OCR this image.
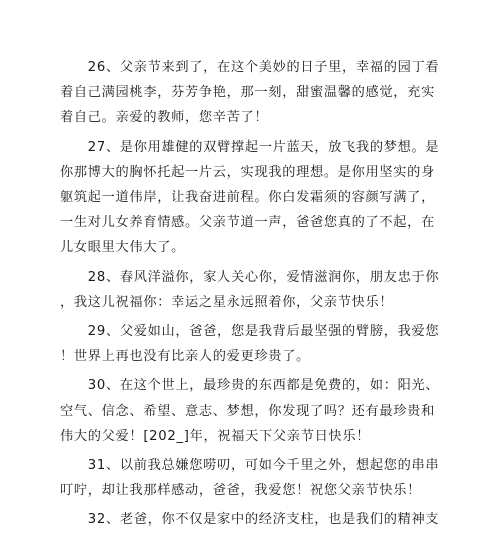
　　26、父亲节来到了，在这个美妙的日子里，幸福的园丁看
着自己满园桃李，芬芳争艳，那一刻，甜蜜温馨的感觉，充实
着自己。亲爱的教师，您辛苦了！

　　27、是你用雄健的双臂撑起一片蓝天，放飞我的梦想。是
你那博大的胸怀托起一片云，实现我的理想。是你用坚实的身
躯筑起一道伟岸，让我奋进前程。你白发霜须的容颜写满了，
一生对儿女养育情感。父亲节道一声，爸爸您真的了不起，在
儿女眼里大伟大了。

　　28、春风洋溢你，家人关心你，爱情滋润你，朋友忠于你
，我这儿祝福你：幸运之星永远照着你，父亲节快乐！

　　29、父爱如山，爸爸，您是我背后最坚强的臂膀，我爱您
！世界上再也没有比亲人的爱更珍贵了。

　　30、在这个世上，最珍贵的东西都是免费的，如：阳光、
空气、信念、希望、意志、梦想，你发现了吗？还有最珍贵和
伟大的父爱！[202_]年，祝福天下父亲节日快乐！

　　31、以前我总嫌您唠叨，可如今千里之外，想起您的串串
叮咛，却让我那样感动，爸爸，我爱您！祝您父亲节快乐！

　　32、老爸，你不仅是家中的经济支柱，也是我们的精神支
